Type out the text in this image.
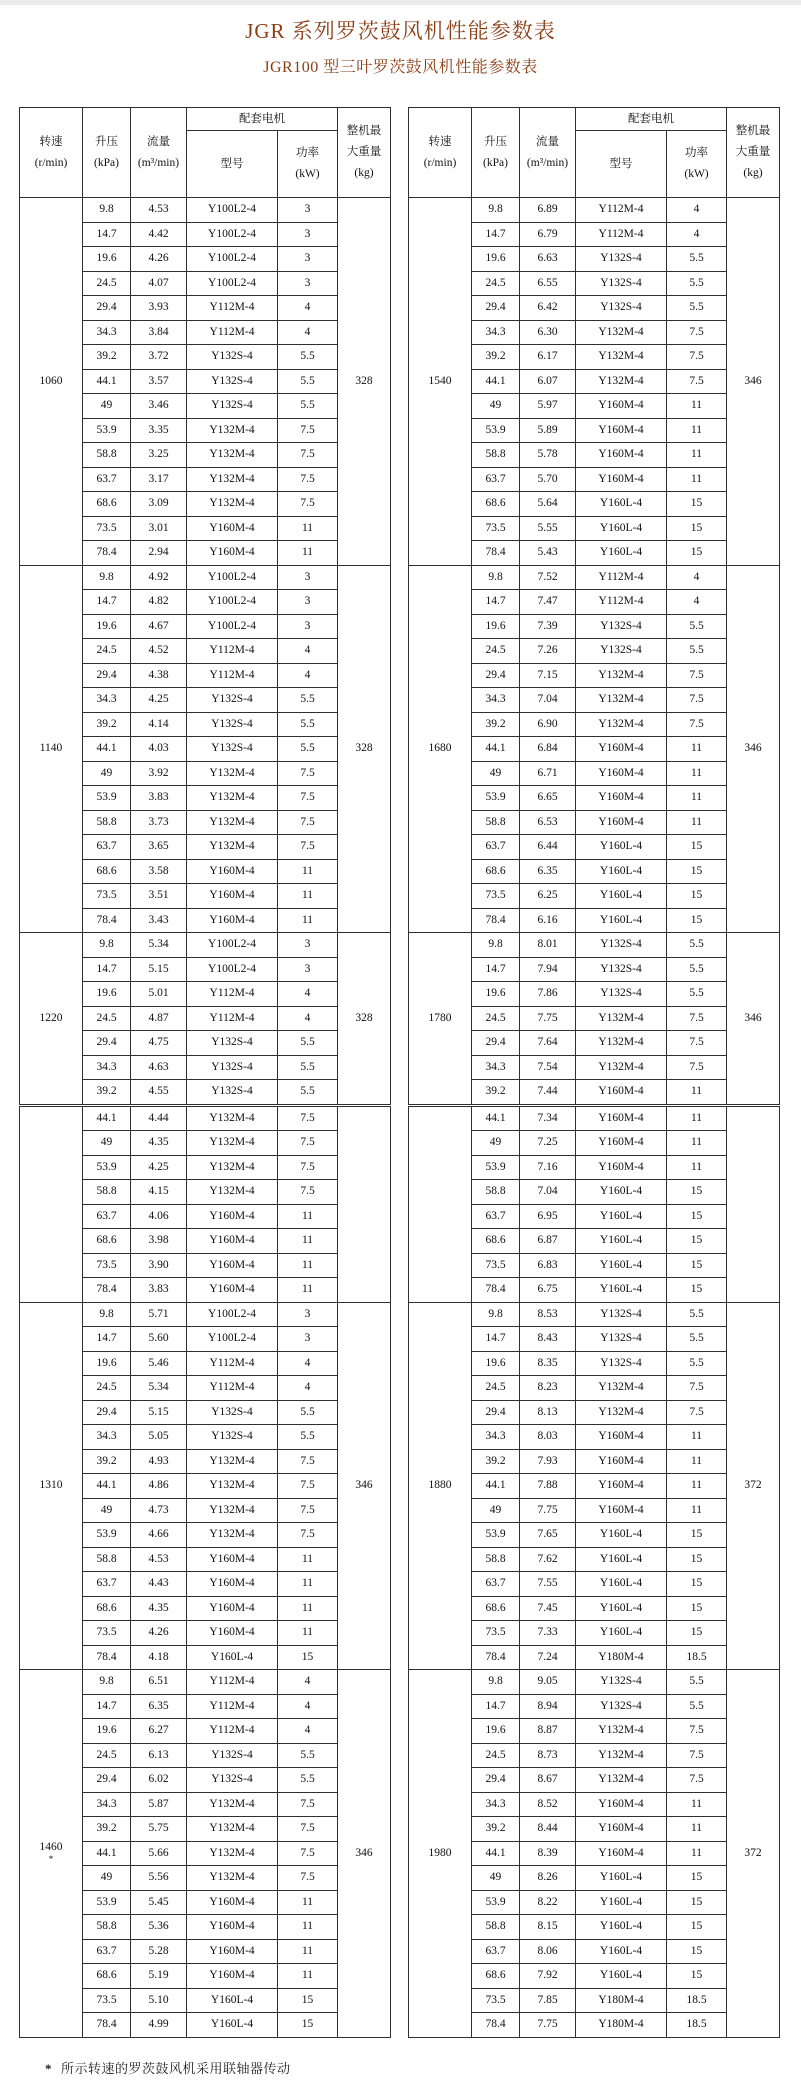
JGR 系列罗茨鼓风机性能参数表
JGR100 型三叶罗茨鼓风机性能参数表
转速
(r/min)	升压
(kPa)	流量
(m³/min)	配套电机		整机最
大重量
(kg)
			型号	功率
(kW)	
1060	9.8	4.53	Y100L2-4	3	328
	14.7	4.42	Y100L2-4	3	
	19.6	4.26	Y100L2-4	3	
	24.5	4.07	Y100L2-4	3	
	29.4	3.93	Y112M-4	4	
	34.3	3.84	Y112M-4	4	
	39.2	3.72	Y132S-4	5.5	
	44.1	3.57	Y132S-4	5.5	
	49	3.46	Y132S-4	5.5	
	53.9	3.35	Y132M-4	7.5	
	58.8	3.25	Y132M-4	7.5	
	63.7	3.17	Y132M-4	7.5	
	68.6	3.09	Y132M-4	7.5	
	73.5	3.01	Y160M-4	11	
	78.4	2.94	Y160M-4	11	
1140	9.8	4.92	Y100L2-4	3	328
	14.7	4.82	Y100L2-4	3	
	19.6	4.67	Y100L2-4	3	
	24.5	4.52	Y112M-4	4	
	29.4	4.38	Y112M-4	4	
	34.3	4.25	Y132S-4	5.5	
	39.2	4.14	Y132S-4	5.5	
	44.1	4.03	Y132S-4	5.5	
	49	3.92	Y132M-4	7.5	
	53.9	3.83	Y132M-4	7.5	
	58.8	3.73	Y132M-4	7.5	
	63.7	3.65	Y132M-4	7.5	
	68.6	3.58	Y160M-4	11	
	73.5	3.51	Y160M-4	11	
	78.4	3.43	Y160M-4	11	
1220	9.8	5.34	Y100L2-4	3	328
	14.7	5.15	Y100L2-4	3	
	19.6	5.01	Y112M-4	4	
	24.5	4.87	Y112M-4	4	
	29.4	4.75	Y132S-4	5.5	
	34.3	4.63	Y132S-4	5.5	
	39.2	4.55	Y132S-4	5.5	
	44.1	4.44	Y132M-4	7.5	
	49	4.35	Y132M-4	7.5	
	53.9	4.25	Y132M-4	7.5	
	58.8	4.15	Y132M-4	7.5	
	63.7	4.06	Y160M-4	11	
	68.6	3.98	Y160M-4	11	
	73.5	3.90	Y160M-4	11	
	78.4	3.83	Y160M-4	11	
1310	9.8	5.71	Y100L2-4	3	346
	14.7	5.60	Y100L2-4	3	
	19.6	5.46	Y112M-4	4	
	24.5	5.34	Y112M-4	4	
	29.4	5.15	Y132S-4	5.5	
	34.3	5.05	Y132S-4	5.5	
	39.2	4.93	Y132M-4	7.5	
	44.1	4.86	Y132M-4	7.5	
	49	4.73	Y132M-4	7.5	
	53.9	4.66	Y132M-4	7.5	
	58.8	4.53	Y160M-4	11	
	63.7	4.43	Y160M-4	11	
	68.6	4.35	Y160M-4	11	
	73.5	4.26	Y160M-4	11	
	78.4	4.18	Y160L-4	15	
1460
*	9.8	6.51	Y112M-4	4	346
	14.7	6.35	Y112M-4	4	
	19.6	6.27	Y112M-4	4	
	24.5	6.13	Y132S-4	5.5	
	29.4	6.02	Y132S-4	5.5	
	34.3	5.87	Y132M-4	7.5	
	39.2	5.75	Y132M-4	7.5	
	44.1	5.66	Y132M-4	7.5	
	49	5.56	Y132M-4	7.5	
	53.9	5.45	Y160M-4	11	
	58.8	5.36	Y160M-4	11	
	63.7	5.28	Y160M-4	11	
	68.6	5.19	Y160M-4	11	
	73.5	5.10	Y160L-4	15	
	78.4	4.99	Y160L-4	15	
转速
(r/min)	升压
(kPa)	流量
(m³/min)	配套电机		整机最
大重量
(kg)
			型号	功率
(kW)	
1540	9.8	6.89	Y112M-4	4	346
	14.7	6.79	Y112M-4	4	
	19.6	6.63	Y132S-4	5.5	
	24.5	6.55	Y132S-4	5.5	
	29.4	6.42	Y132S-4	5.5	
	34.3	6.30	Y132M-4	7.5	
	39.2	6.17	Y132M-4	7.5	
	44.1	6.07	Y132M-4	7.5	
	49	5.97	Y160M-4	11	
	53.9	5.89	Y160M-4	11	
	58.8	5.78	Y160M-4	11	
	63.7	5.70	Y160M-4	11	
	68.6	5.64	Y160L-4	15	
	73.5	5.55	Y160L-4	15	
	78.4	5.43	Y160L-4	15	
1680	9.8	7.52	Y112M-4	4	346
	14.7	7.47	Y112M-4	4	
	19.6	7.39	Y132S-4	5.5	
	24.5	7.26	Y132S-4	5.5	
	29.4	7.15	Y132M-4	7.5	
	34.3	7.04	Y132M-4	7.5	
	39.2	6.90	Y132M-4	7.5	
	44.1	6.84	Y160M-4	11	
	49	6.71	Y160M-4	11	
	53.9	6.65	Y160M-4	11	
	58.8	6.53	Y160M-4	11	
	63.7	6.44	Y160L-4	15	
	68.6	6.35	Y160L-4	15	
	73.5	6.25	Y160L-4	15	
	78.4	6.16	Y160L-4	15	
1780	9.8	8.01	Y132S-4	5.5	346
	14.7	7.94	Y132S-4	5.5	
	19.6	7.86	Y132S-4	5.5	
	24.5	7.75	Y132M-4	7.5	
	29.4	7.64	Y132M-4	7.5	
	34.3	7.54	Y132M-4	7.5	
	39.2	7.44	Y160M-4	11	
	44.1	7.34	Y160M-4	11	
	49	7.25	Y160M-4	11	
	53.9	7.16	Y160M-4	11	
	58.8	7.04	Y160L-4	15	
	63.7	6.95	Y160L-4	15	
	68.6	6.87	Y160L-4	15	
	73.5	6.83	Y160L-4	15	
	78.4	6.75	Y160L-4	15	
1880	9.8	8.53	Y132S-4	5.5	372
	14.7	8.43	Y132S-4	5.5	
	19.6	8.35	Y132S-4	5.5	
	24.5	8.23	Y132M-4	7.5	
	29.4	8.13	Y132M-4	7.5	
	34.3	8.03	Y160M-4	11	
	39.2	7.93	Y160M-4	11	
	44.1	7.88	Y160M-4	11	
	49	7.75	Y160M-4	11	
	53.9	7.65	Y160L-4	15	
	58.8	7.62	Y160L-4	15	
	63.7	7.55	Y160L-4	15	
	68.6	7.45	Y160L-4	15	
	73.5	7.33	Y160L-4	15	
	78.4	7.24	Y180M-4	18.5	
1980	9.8	9.05	Y132S-4	5.5	372
	14.7	8.94	Y132S-4	5.5	
	19.6	8.87	Y132M-4	7.5	
	24.5	8.73	Y132M-4	7.5	
	29.4	8.67	Y132M-4	7.5	
	34.3	8.52	Y160M-4	11	
	39.2	8.44	Y160M-4	11	
	44.1	8.39	Y160M-4	11	
	49	8.26	Y160L-4	15	
	53.9	8.22	Y160L-4	15	
	58.8	8.15	Y160L-4	15	
	63.7	8.06	Y160L-4	15	
	68.6	7.92	Y160L-4	15	
	73.5	7.85	Y180M-4	18.5	
	78.4	7.75	Y180M-4	18.5	
* 所示转速的罗茨鼓风机采用联轴器传动
